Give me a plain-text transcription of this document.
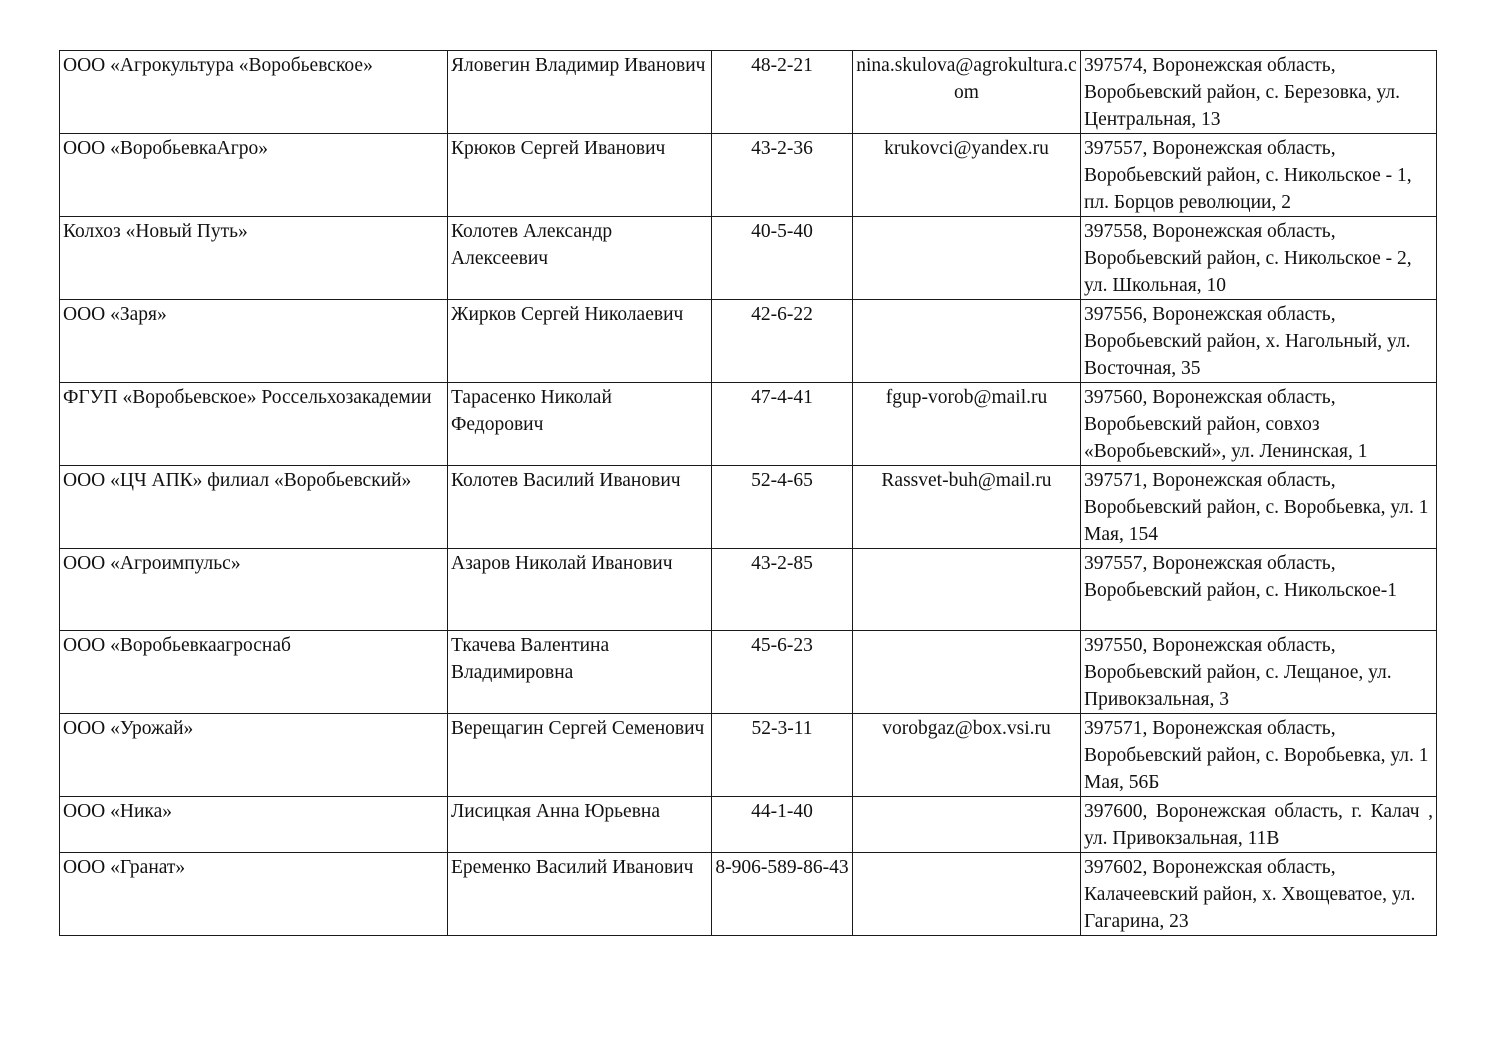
ООО «Агрокультура «Воробьевское»	Яловегин Владимир Иванович	48-2-21	nina.skulova@agrokultura.com	397574, Воронежская область, Воробьевский район, с. Березовка, ул. Центральная, 13
ООО «ВоробьевкаАгро»	Крюков Сергей Иванович	43-2-36	krukovci@yandex.ru	397557, Воронежская область, Воробьевский район, с. Никольское - 1, пл. Борцов революции, 2
Колхоз «Новый Путь»	Колотев Александр Алексеевич	40-5-40		397558, Воронежская область, Воробьевский район, с. Никольское - 2, ул. Школьная, 10
ООО «Заря»	Жирков Сергей Николаевич	42-6-22		397556, Воронежская область, Воробьевский район, х. Нагольный, ул. Восточная, 35
ФГУП «Воробьевское» Россельхозакадемии	Тарасенко Николай Федорович	47-4-41	fgup-vorob@mail.ru	397560, Воронежская область, Воробьевский район, совхоз «Воробьевский», ул. Ленинская, 1
ООО «ЦЧ АПК» филиал «Воробьевский»	Колотев Василий Иванович	52-4-65	Rassvet-buh@mail.ru	397571, Воронежская область, Воробьевский район, с. Воробьевка, ул. 1 Мая, 154
ООО «Агроимпульс»	Азаров Николай Иванович	43-2-85		397557, Воронежская область, Воробьевский район, с. Никольское-1
ООО «Воробьевкаагроснаб	Ткачева Валентина Владимировна	45-6-23		397550, Воронежская область, Воробьевский район, с. Лещаное, ул. Привокзальная, 3
ООО «Урожай»	Верещагин Сергей Семенович	52-3-11	vorobgaz@box.vsi.ru	397571, Воронежская область, Воробьевский район, с. Воробьевка, ул. 1 Мая, 56Б
ООО «Ника»	Лисицкая Анна Юрьевна	44-1-40		397600, Воронежская область, г. Калач , ул. Привокзальная, 11В
ООО «Гранат»	Еременко Василий Иванович	8-906-589-86-43		397602, Воронежская область, Калачеевский район, х. Хвощеватое, ул. Гагарина, 23
